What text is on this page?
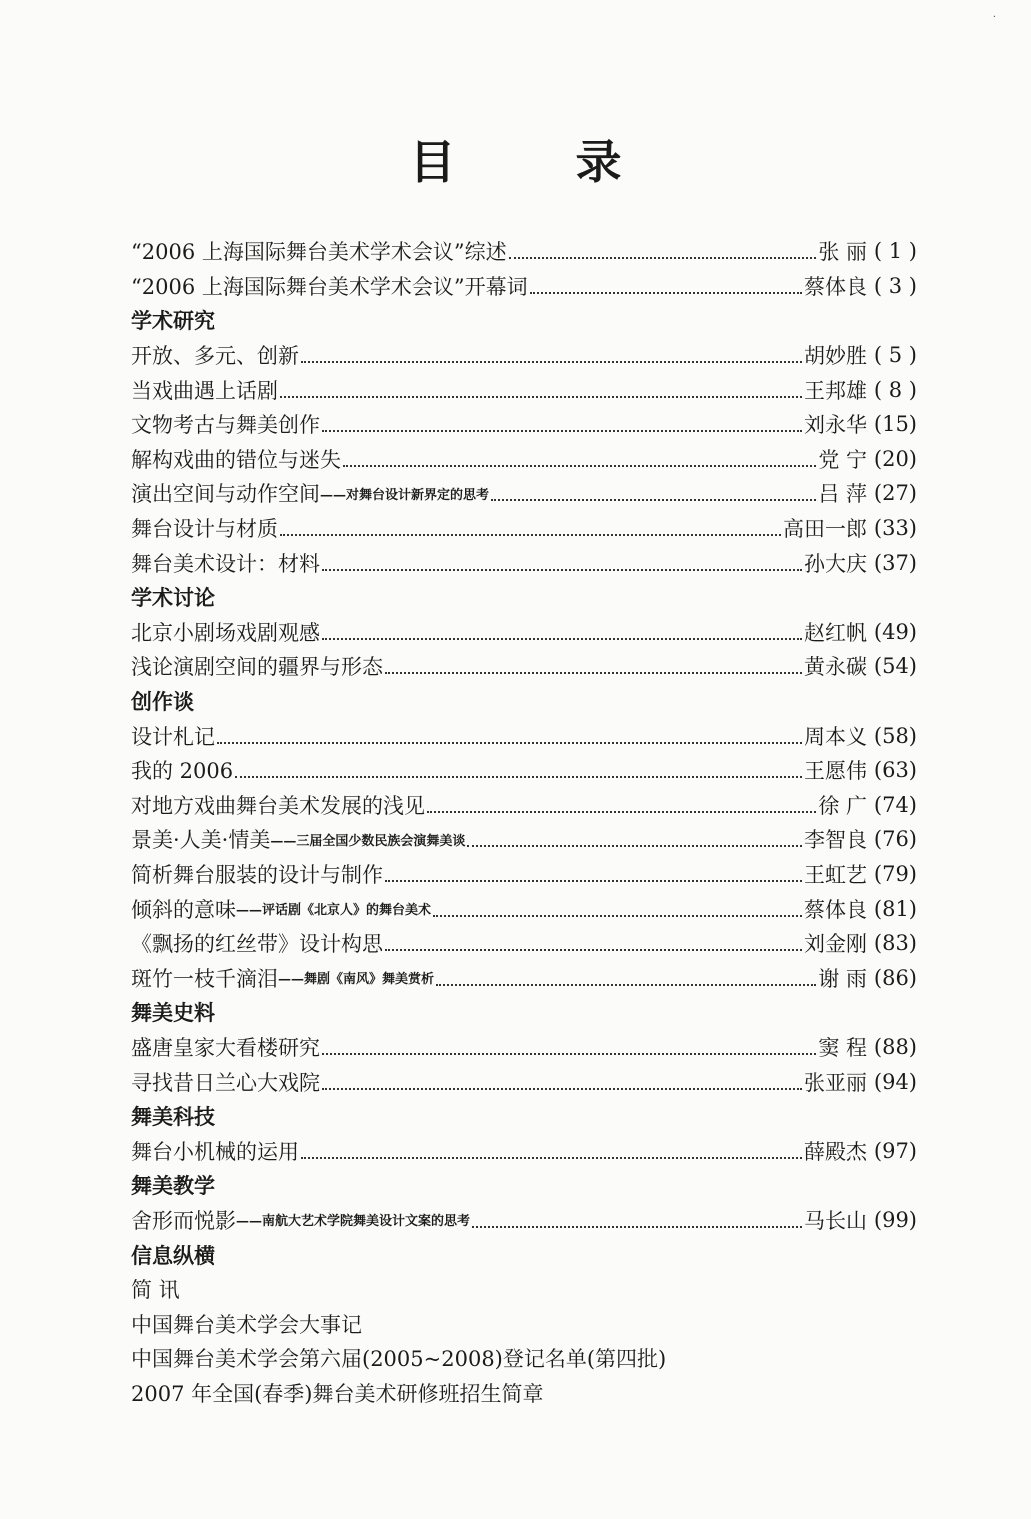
·
目 录
“2006 上海国际舞台美术学术会议”综述	张 丽 ( 1 )
“2006 上海国际舞台美术学术会议”开幕词	蔡体良 ( 3 )
学术研究
开放、多元、创新	胡妙胜 ( 5 )
当戏曲遇上话剧	王邦雄 ( 8 )
文物考古与舞美创作	刘永华 (15)
解构戏曲的错位与迷失	党 宁 (20)
演出空间与动作空间 ——对舞台设计新界定的思考	吕 萍 (27)
舞台设计与材质	高田一郎 (33)
舞台美术设计：材料	孙大庆 (37)
学术讨论
北京小剧场戏剧观感	赵红帆 (49)
浅论演剧空间的疆界与形态	黄永碳 (54)
创作谈
设计札记	周本义 (58)
我的 2006	王愿伟 (63)
对地方戏曲舞台美术发展的浅见	徐 广 (74)
景美·人美·情美 ——三届全国少数民族会演舞美谈	李智良 (76)
简析舞台服装的设计与制作	王虹艺 (79)
倾斜的意味 ——评话剧《北京人》的舞台美术	蔡体良 (81)
《飘扬的红丝带》设计构思	刘金刚 (83)
斑竹一枝千滴泪 ——舞剧《南风》舞美赏析	谢 雨 (86)
舞美史料
盛唐皇家大看楼研究	窦 程 (88)
寻找昔日兰心大戏院	张亚丽 (94)
舞美科技
舞台小机械的运用	薛殿杰 (97)
舞美教学
舍形而悦影 ——南航大艺术学院舞美设计文案的思考	马长山 (99)
信息纵横
简 讯
中国舞台美术学会大事记
中国舞台美术学会第六届(2005~2008)登记名单(第四批)
2007 年全国(春季)舞台美术研修班招生简章
